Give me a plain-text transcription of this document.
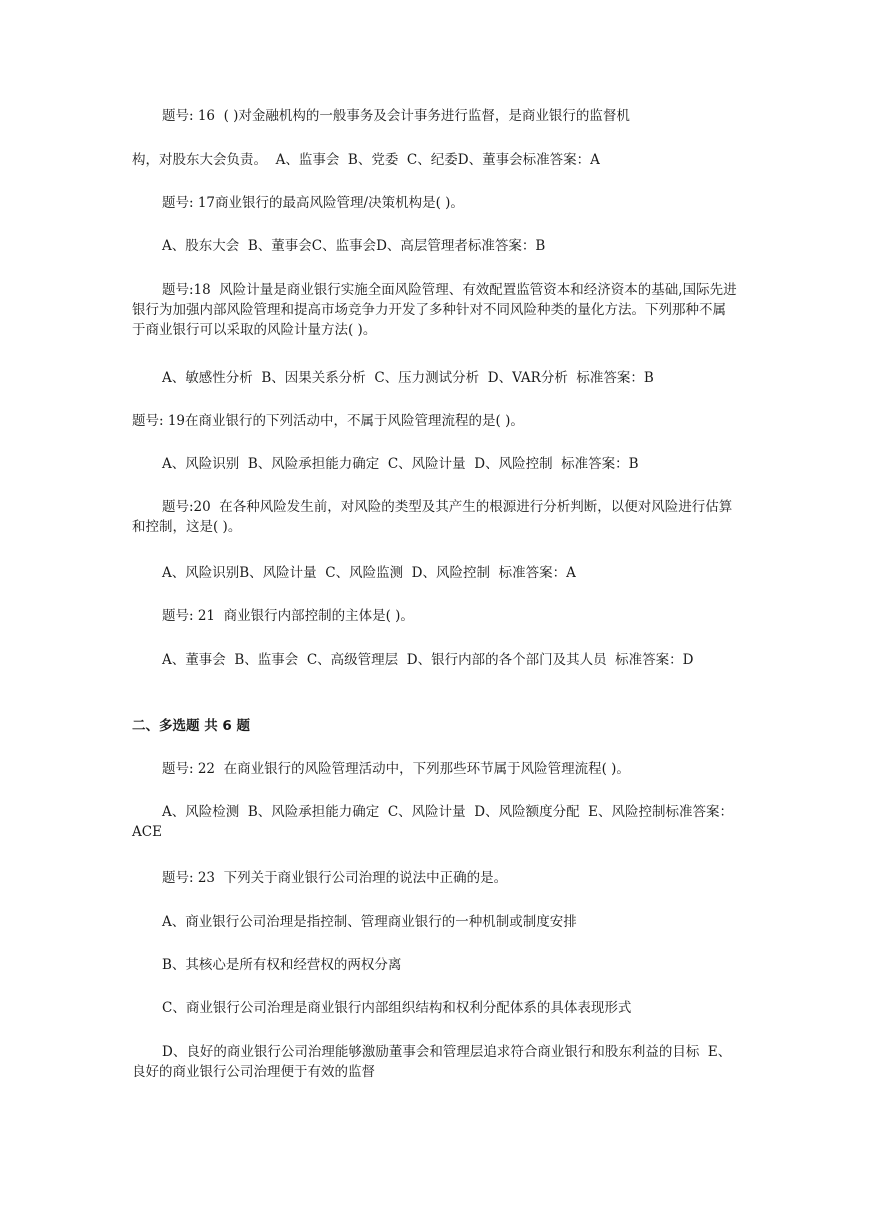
题号: 16  ( )对金融机构的一般事务及会计事务进行监督，是商业银行的监督机
构，对股东大会负责。  A、监事会  B、党委  C、纪委D、董事会标准答案：A
题号: 17商业银行的最高风险管理/决策机构是( )。
A、股东大会  B、董事会C、监事会D、高层管理者标准答案：B
题号:18  风险计量是商业银行实施全面风险管理、有效配置监管资本和经济资本的基础,国际先进银行为加强内部风险管理和提高市场竞争力开发了多种针对不同风险种类的量化方法。下列那种不属于商业银行可以采取的风险计量方法( )。
A、敏感性分析  B、因果关系分析  C、压力测试分析  D、VAR分析  标准答案：B
题号: 19在商业银行的下列活动中，不属于风险管理流程的是( )。
A、风险识别  B、风险承担能力确定  C、风险计量  D、风险控制  标准答案：B
题号:20  在各种风险发生前，对风险的类型及其产生的根源进行分析判断，以便对风险进行估算和控制，这是( )。
A、风险识别B、风险计量  C、风险监测  D、风险控制  标准答案：A
题号: 21  商业银行内部控制的主体是( )。
A、董事会  B、监事会  C、高级管理层  D、银行内部的各个部门及其人员  标准答案：D
二、多选题 共 6 题
题号: 22  在商业银行的风险管理活动中，下列那些环节属于风险管理流程( )。
A、风险检测  B、风险承担能力确定  C、风险计量  D、风险额度分配  E、风险控制标准答案：ACE
题号: 23  下列关于商业银行公司治理的说法中正确的是。
A、商业银行公司治理是指控制、管理商业银行的一种机制或制度安排
B、其核心是所有权和经营权的两权分离
C、商业银行公司治理是商业银行内部组织结构和权利分配体系的具体表现形式
D、良好的商业银行公司治理能够激励董事会和管理层追求符合商业银行和股东利益的目标  E、良好的商业银行公司治理便于有效的监督
